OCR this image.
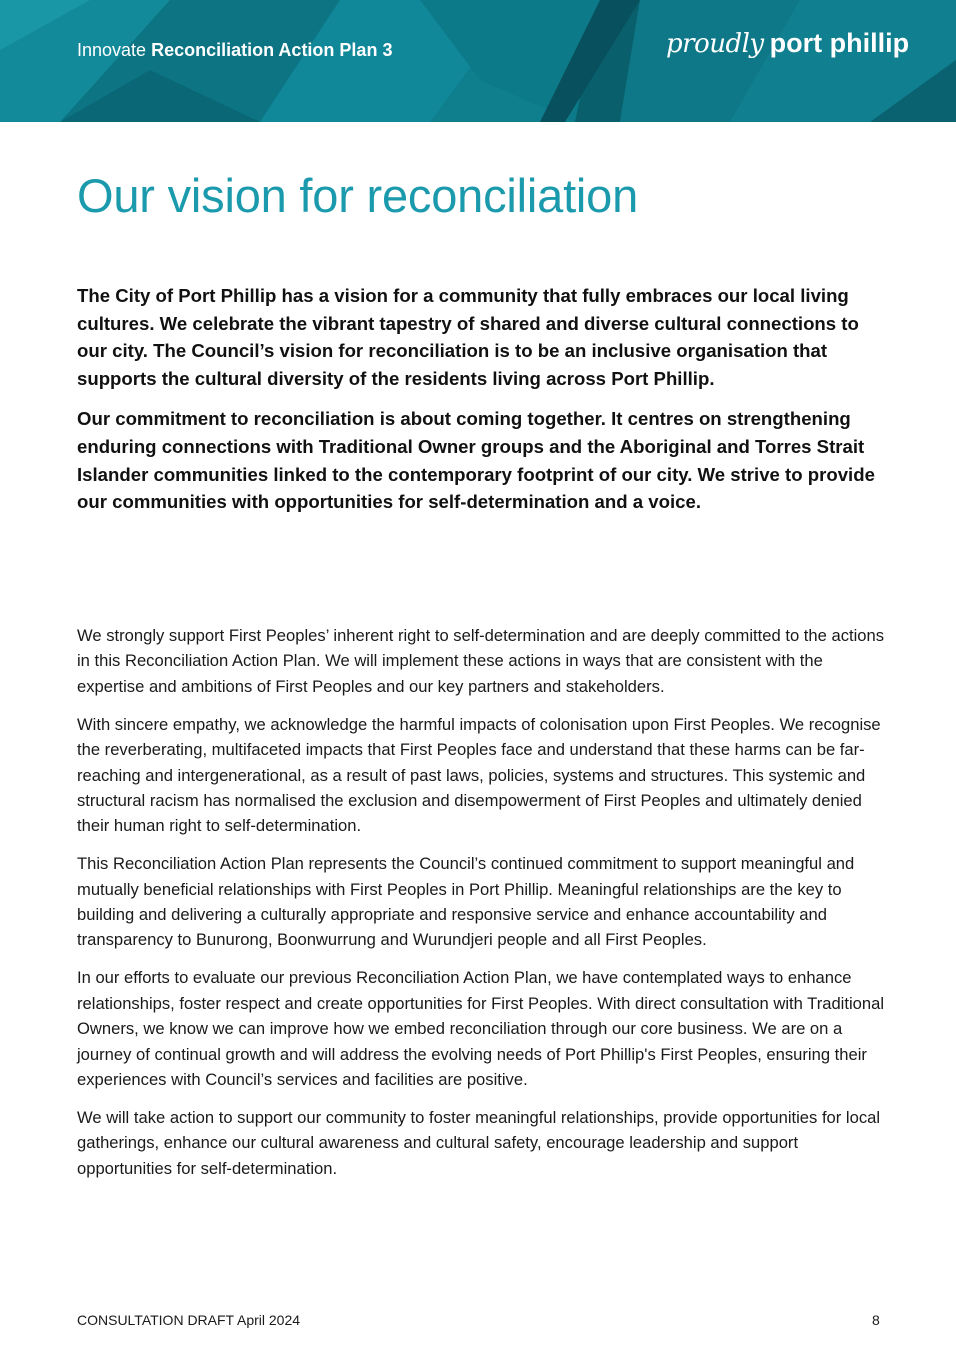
Innovate Reconciliation Action Plan 3	proudly port phillip
Our vision for reconciliation

The City of Port Phillip has a vision for a community that fully embraces our local living cultures. We celebrate the vibrant tapestry of shared and diverse cultural connections to our city. The Council’s vision for reconciliation is to be an inclusive organisation that supports the cultural diversity of the residents living across Port Phillip.

Our commitment to reconciliation is about coming together. It centres on strengthening enduring connections with Traditional Owner groups and the Aboriginal and Torres Strait Islander communities linked to the contemporary footprint of our city. We strive to provide our communities with opportunities for self-determination and a voice.

We strongly support First Peoples’ inherent right to self-determination and are deeply committed to the actions in this Reconciliation Action Plan. We will implement these actions in ways that are consistent with the expertise and ambitions of First Peoples and our key partners and stakeholders.

With sincere empathy, we acknowledge the harmful impacts of colonisation upon First Peoples. We recognise the reverberating, multifaceted impacts that First Peoples face and understand that these harms can be far-reaching and intergenerational, as a result of past laws, policies, systems and structures. This systemic and structural racism has normalised the exclusion and disempowerment of First Peoples and ultimately denied their human right to self-determination.

This Reconciliation Action Plan represents the Council’s continued commitment to support meaningful and mutually beneficial relationships with First Peoples in Port Phillip. Meaningful relationships are the key to building and delivering a culturally appropriate and responsive service and enhance accountability and transparency to Bunurong, Boonwurrung and Wurundjeri people and all First Peoples.

In our efforts to evaluate our previous Reconciliation Action Plan, we have contemplated ways to enhance relationships, foster respect and create opportunities for First Peoples. With direct consultation with Traditional Owners, we know we can improve how we embed reconciliation through our core business. We are on a journey of continual growth and will address the evolving needs of Port Phillip's First Peoples, ensuring their experiences with Council’s services and facilities are positive.

We will take action to support our community to foster meaningful relationships, provide opportunities for local gatherings, enhance our cultural awareness and cultural safety, encourage leadership and support opportunities for self-determination.

CONSULTATION DRAFT April 2024	8
